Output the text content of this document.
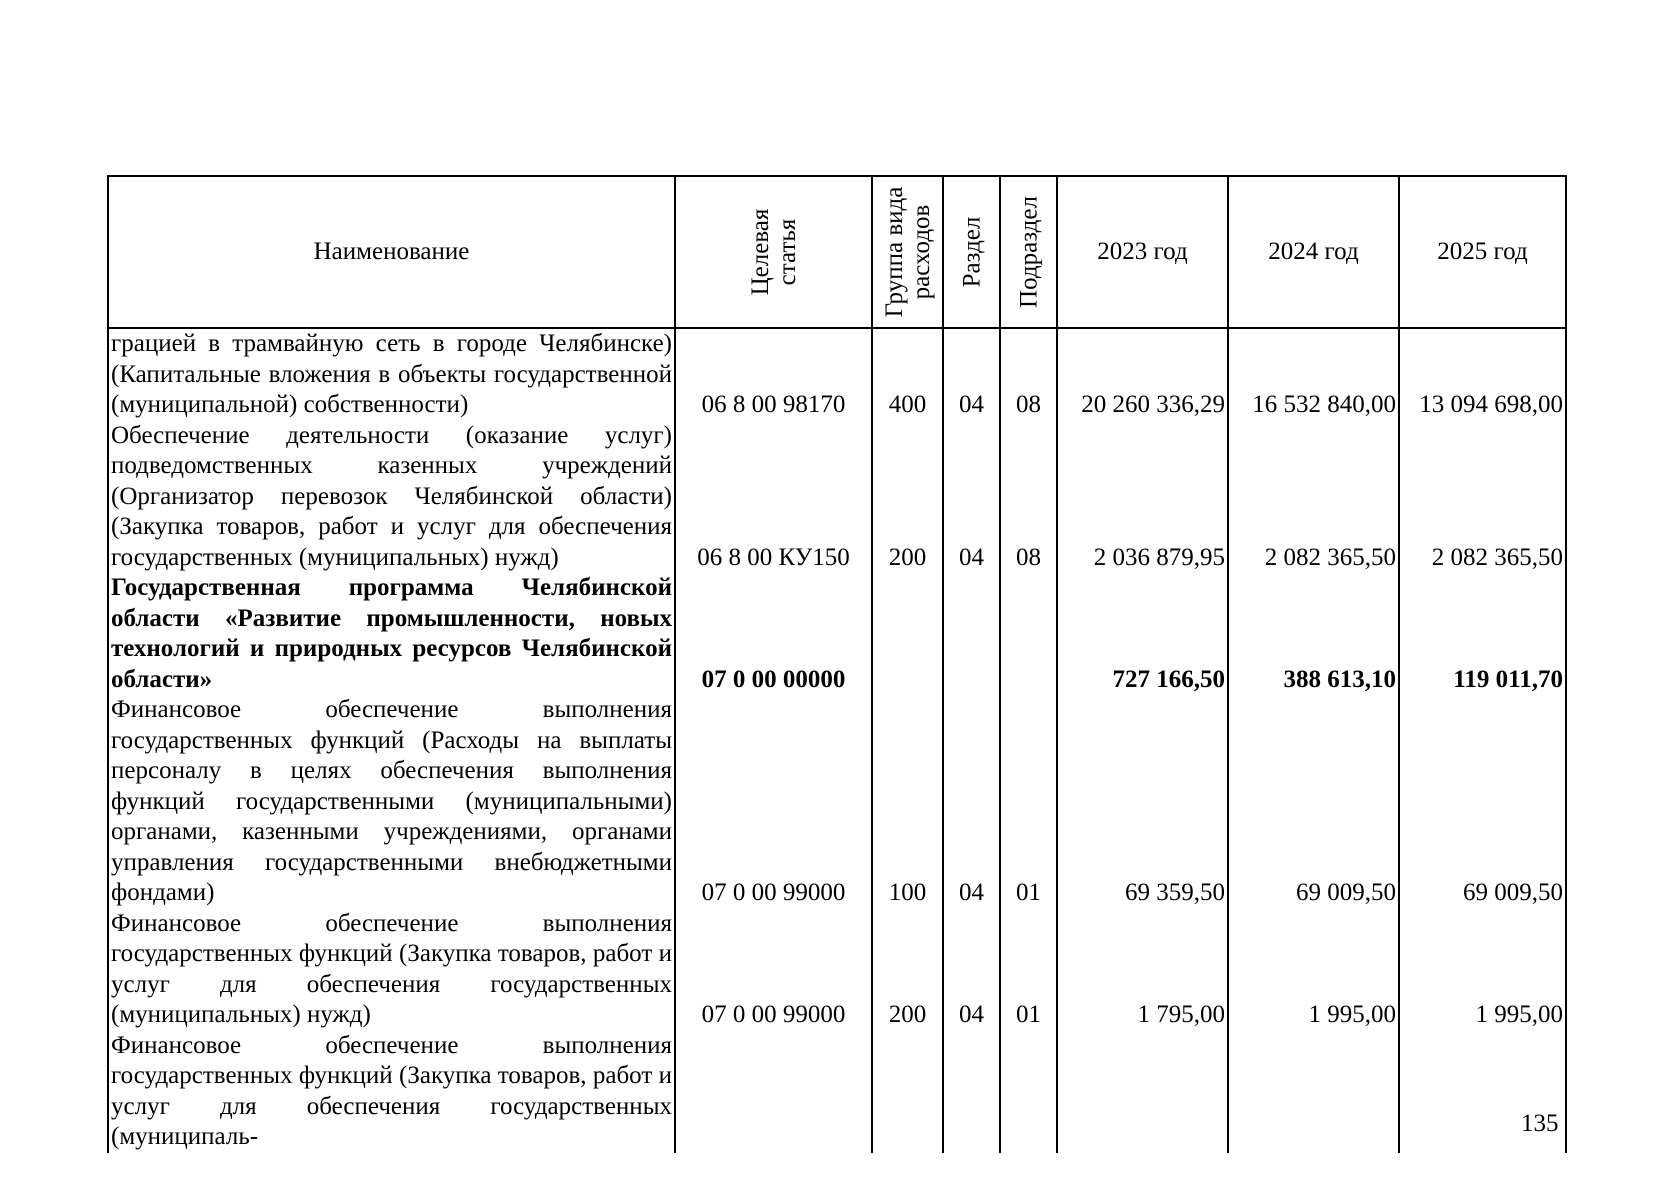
Наименование	Целевая статья	Группа вида расходов	Раздел	Подраздел	2023 год	2024 год	2025 год
грацией в трамвайную сеть в городе Челябинске) (Капитальные вложения в объекты государственной (муниципальной) собственности)	06 8 00 98170	400	04	08	20 260 336,29	16 532 840,00	13 094 698,00
Обеспечение деятельности (оказание услуг) подведомственных казенных учреждений (Организатор перевозок Челябинской области) (Закупка товаров, работ и услуг для обеспечения государственных (муниципальных) нужд)	06 8 00 КУ150	200	04	08	2 036 879,95	2 082 365,50	2 082 365,50
Государственная программа Челябинской области «Развитие промышленности, новых технологий и природных ресурсов Челябинской области»	07 0 00 00000				727 166,50	388 613,10	119 011,70
Финансовое обеспечение выполнения государственных функций (Расходы на выплаты персоналу в целях обеспечения выполнения функций государственными (муниципальными) органами, казенными учреждениями, органами управления государственными внебюджетными фондами)	07 0 00 99000	100	04	01	69 359,50	69 009,50	69 009,50
Финансовое обеспечение выполнения государственных функций (Закупка товаров, работ и услуг для обеспечения государственных (муниципальных) нужд)	07 0 00 99000	200	04	01	1 795,00	1 995,00	1 995,00
Финансовое обеспечение выполнения государственных функций (Закупка товаров, работ и услуг для обеспечения государственных (муниципаль-								135
